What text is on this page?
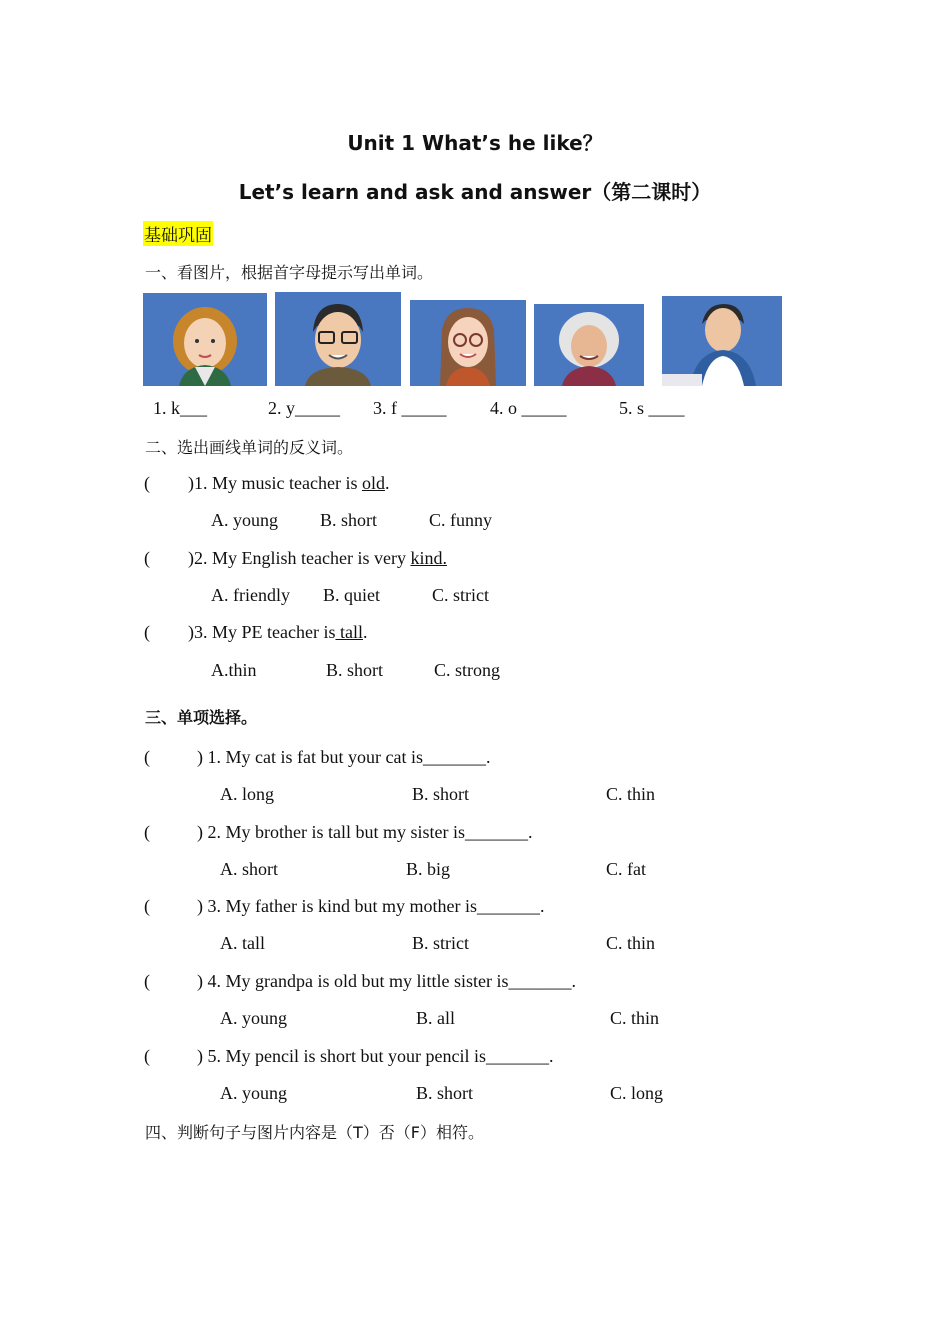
Unit 1 What’s he like？
Let’s learn and ask and answer（第二课时）
基础巩固
一、看图片，根据首字母提示写出单词。
1. k___	2. y_____ 3. f _____ 4. o _____	5. s ____
二、选出画线单词的反义词。
( )1. My music teacher is old.
A. young B. short	C. funny
( )2. My English teacher is very kind.
A. friendly B. quiet	C. strict
( )3. My PE teacher is tall.
A.thin	B. short	C. strong
三、单项选择。
(	) 1. My cat is fat but your cat is_______.
A. long	B. short	C. thin
(	) 2. My brother is tall but my sister is_______.
A. short	B. big	C. fat
(	) 3. My father is kind but my mother is_______.
A. tall	B. strict	C. thin
(	) 4. My grandpa is old but my little sister is_______.
A. young	B. all	C. thin
(	) 5. My pencil is short but your pencil is_______.
A. young	B. short	C. long
四、判断句子与图片内容是（T）否（F）相符。
